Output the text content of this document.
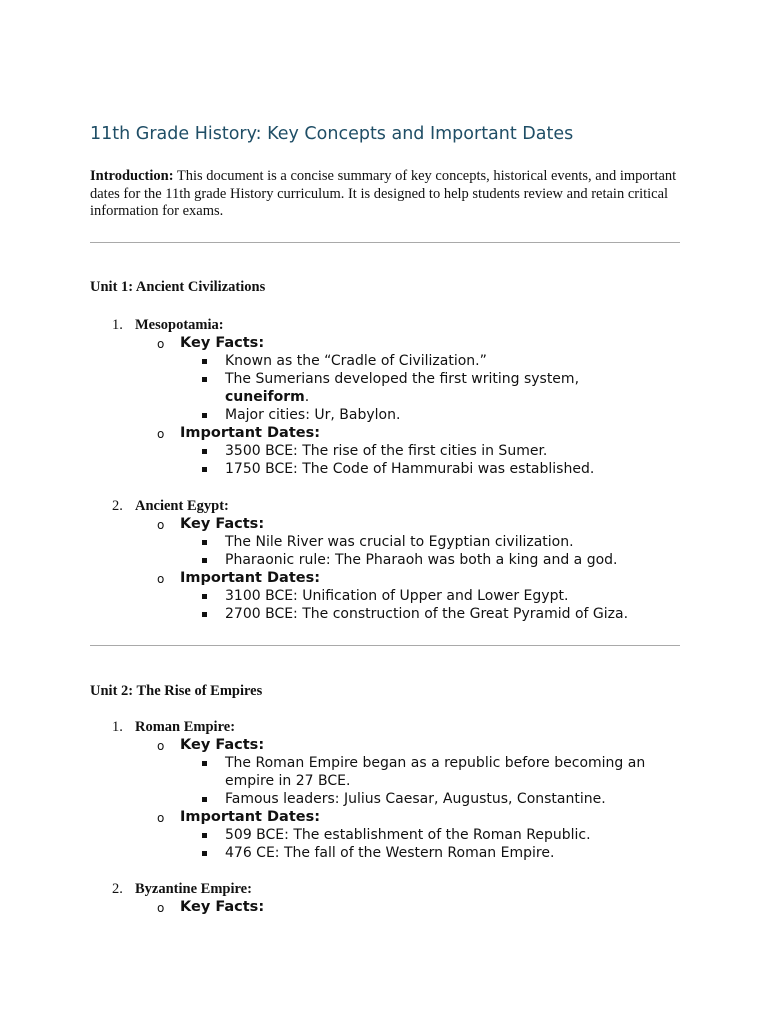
11th Grade History: Key Concepts and Important Dates

Introduction: This document is a concise summary of key concepts, historical events, and important dates for the 11th grade History curriculum. It is designed to help students review and retain critical information for exams.

Unit 1: Ancient Civilizations

1. Mesopotamia:
o Key Facts:
Known as the “Cradle of Civilization.”
The Sumerians developed the first writing system,
cuneiform.
Major cities: Ur, Babylon.
o Important Dates:
3500 BCE: The rise of the first cities in Sumer.
1750 BCE: The Code of Hammurabi was established.
2. Ancient Egypt:
o Key Facts:
The Nile River was crucial to Egyptian civilization.
Pharaonic rule: The Pharaoh was both a king and a god.
o Important Dates:
3100 BCE: Unification of Upper and Lower Egypt.
2700 BCE: The construction of the Great Pyramid of Giza.

Unit 2: The Rise of Empires

1. Roman Empire:
o Key Facts:
The Roman Empire began as a republic before becoming an empire in 27 BCE.
Famous leaders: Julius Caesar, Augustus, Constantine.
o Important Dates:
509 BCE: The establishment of the Roman Republic.
476 CE: The fall of the Western Roman Empire.
2. Byzantine Empire:
o Key Facts:
